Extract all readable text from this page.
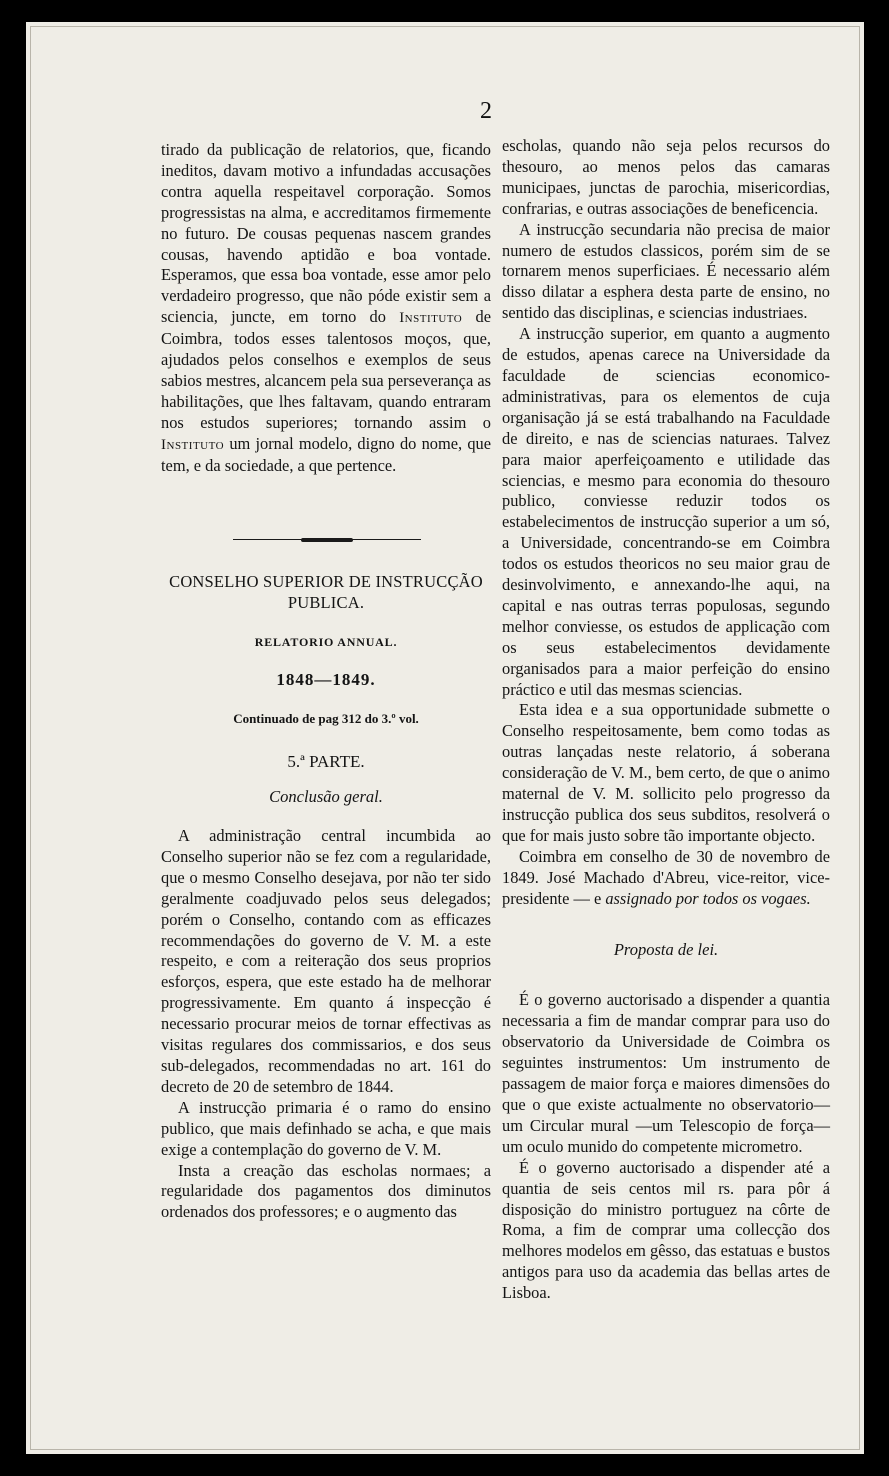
2

tirado da publicação de relatorios, que, ficando ineditos, davam motivo a infundadas accusações contra aquella respeitavel corporação. Somos progressistas na alma, e accreditamos firmemente no futuro. De cousas pequenas nascem grandes cousas, havendo aptidão e boa vontade. Esperamos, que essa boa vontade, esse amor pelo verdadeiro progresso, que não póde existir sem a sciencia, juncte, em torno do Instituto de Coimbra, todos esses talentosos moços, que, ajudados pelos conselhos e exemplos de seus sabios mestres, alcancem pela sua perseverança as habilitações, que lhes faltavam, quando entraram nos estudos superiores; tornando assim o Instituto um jornal modelo, digno do nome, que tem, e da sociedade, a que pertence.

CONSELHO SUPERIOR DE INSTRUCÇÃO PUBLICA.
RELATORIO ANNUAL.
1848—1849.
Continuado de pag 312 do 3.º vol.
5.ª PARTE.
Conclusão geral.

A administração central incumbida ao Conselho superior não se fez com a regularidade, que o mesmo Conselho desejava, por não ter sido geralmente coadjuvado pelos seus delegados; porém o Conselho, contando com as efficazes recommendações do governo de V. M. a este respeito, e com a reiteração dos seus proprios esforços, espera, que este estado ha de melhorar progressivamente. Em quanto á inspecção é necessario procurar meios de tornar effectivas as visitas regulares dos commissarios, e dos seus sub-delegados, recommendadas no art. 161 do decreto de 20 de setembro de 1844.

A instrucção primaria é o ramo do ensino publico, que mais definhado se acha, e que mais exige a contemplação do governo de V. M.

Insta a creação das escholas normaes; a regularidade dos pagamentos dos diminutos ordenados dos professores; e o augmento das

escholas, quando não seja pelos recursos do thesouro, ao menos pelos das camaras municipaes, junctas de parochia, misericordias, confrarias, e outras associações de beneficencia.

A instrucção secundaria não precisa de maior numero de estudos classicos, porém sim de se tornarem menos superficiaes. É necessario além disso dilatar a esphera desta parte de ensino, no sentido das disciplinas, e sciencias industriaes.

A instrucção superior, em quanto a augmento de estudos, apenas carece na Universidade da faculdade de sciencias economico-administrativas, para os elementos de cuja organisação já se está trabalhando na Faculdade de direito, e nas de sciencias naturaes. Talvez para maior aperfeiçoamento e utilidade das sciencias, e mesmo para economia do thesouro publico, conviesse reduzir todos os estabelecimentos de instrucção superior a um só, a Universidade, concentrando-se em Coimbra todos os estudos theoricos no seu maior grau de desinvolvimento, e annexando-lhe aqui, na capital e nas outras terras populosas, segundo melhor conviesse, os estudos de applicação com os seus estabelecimentos devidamente organisados para a maior perfeição do ensino práctico e util das mesmas sciencias.

Esta idea e a sua opportunidade submette o Conselho respeitosamente, bem como todas as outras lançadas neste relatorio, á soberana consideração de V. M., bem certo, de que o animo maternal de V. M. sollicito pelo progresso da instrucção publica dos seus subditos, resolverá o que for mais justo sobre tão importante objecto.

Coimbra em conselho de 30 de novembro de 1849. José Machado d'Abreu, vice-reitor, vice-presidente — e assignado por todos os vogaes.

Proposta de lei.

É o governo auctorisado a dispender a quantia necessaria a fim de mandar comprar para uso do observatorio da Universidade de Coimbra os seguintes instrumentos: Um instrumento de passagem de maior força e maiores dimensões do que o que existe actualmente no observatorio—um Circular mural —um Telescopio de força—um oculo munido do competente micrometro.

É o governo auctorisado a dispender até a quantia de seis centos mil rs. para pôr á disposição do ministro portuguez na côrte de Roma, a fim de comprar uma collecção dos melhores modelos em gêsso, das estatuas e bustos antigos para uso da academia das bellas artes de Lisboa.
